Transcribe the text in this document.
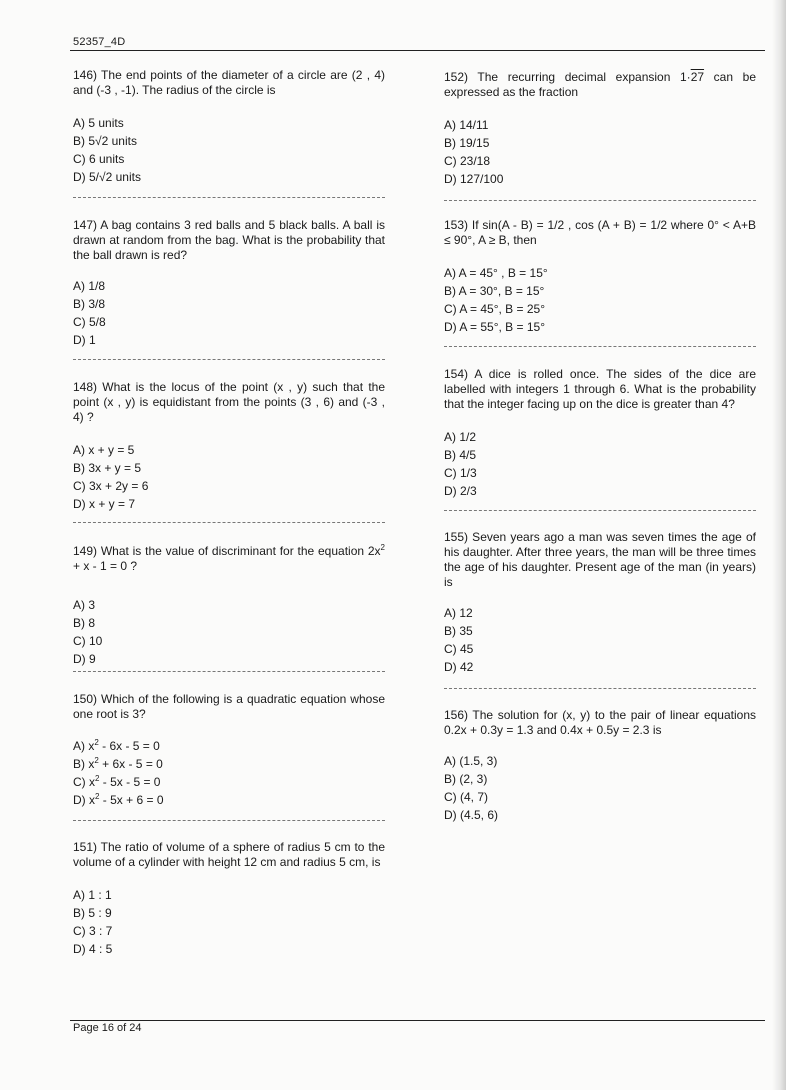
52357_4D

146) The end points of the diameter of a circle are (2 , 4) and (-3 , -1). The radius of the circle is

A) 5 units
B) 5√2 units
C) 6 units
D) 5/√2 units

147) A bag contains 3 red balls and 5 black balls. A ball is drawn at random from the bag. What is the probability that the ball drawn is red?

A) 1/8
B) 3/8
C) 5/8
D) 1

148) What is the locus of the point (x , y) such that the point (x , y) is equidistant from the points (3 , 6) and (-3 , 4) ?

A) x + y = 5
B) 3x + y = 5
C) 3x + 2y = 6
D) x + y = 7

149) What is the value of discriminant for the equation $2x^2 + x - 1 = 0$ ?

A) 3
B) 8
C) 10
D) 9

150) Which of the following is a quadratic equation whose one root is 3?

A) $x^2 - 6x - 5 = 0$
B) $x^2 + 6x - 5 = 0$
C) $x^2 - 5x - 5 = 0$
D) $x^2 - 5x + 6 = 0$

151) The ratio of volume of a sphere of radius 5 cm to the volume of a cylinder with height 12 cm and radius 5 cm, is

A) 1 : 1
B) 5 : 9
C) 3 : 7
D) 4 : 5

152) The recurring decimal expansion 1·27 can be expressed as the fraction

A) 14/11
B) 19/15
C) 23/18
D) 127/100

153) If sin(A - B) = 1/2 , cos (A + B) = 1/2 where 0° < A+B ≤ 90°, A ≥ B, then

A) A = 45° , B = 15°
B) A = 30°, B = 15°
C) A = 45°, B = 25°
D) A = 55°, B = 15°

154) A dice is rolled once. The sides of the dice are labelled with integers 1 through 6. What is the probability that the integer facing up on the dice is greater than 4?

A) 1/2
B) 4/5
C) 1/3
D) 2/3

155) Seven years ago a man was seven times the age of his daughter. After three years, the man will be three times the age of his daughter. Present age of the man (in years) is

A) 12
B) 35
C) 45
D) 42

156) The solution for (x, y) to the pair of linear equations 0.2x + 0.3y = 1.3 and 0.4x + 0.5y = 2.3 is

A) (1.5, 3)
B) (2, 3)
C) (4, 7)
D) (4.5, 6)
Page 16 of 24
